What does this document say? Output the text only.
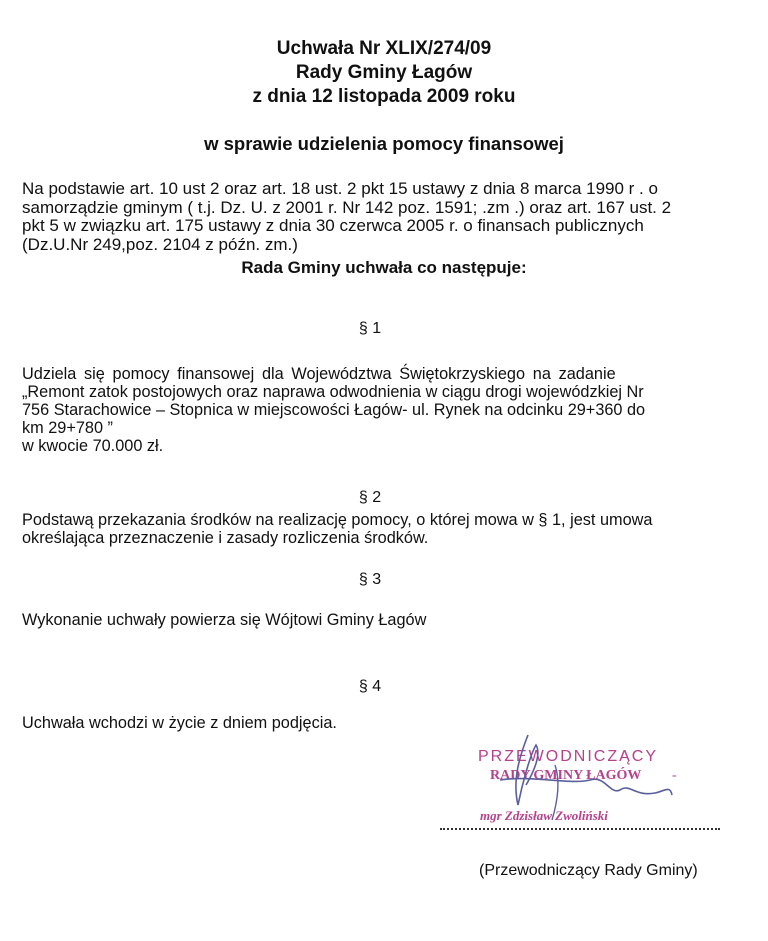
Uchwała Nr XLIX/274/09
Rady Gminy Łagów
z dnia 12 listopada 2009 roku
w sprawie udzielenia pomocy finansowej
Na podstawie art. 10 ust 2 oraz art. 18 ust. 2 pkt 15 ustawy z dnia 8 marca 1990 r . o
samorządzie gminym ( t.j. Dz. U. z 2001 r. Nr 142 poz. 1591; .zm .) oraz art. 167 ust. 2
pkt 5 w związku art. 175 ustawy z dnia 30 czerwca 2005 r. o finansach publicznych
(Dz.U.Nr 249,poz. 2104 z późn. zm.)
Rada Gminy uchwała co następuje:
§ 1
Udziela się pomocy finansowej dla Województwa Świętokrzyskiego na zadanie
„Remont zatok postojowych oraz naprawa odwodnienia w ciągu drogi wojewódzkiej Nr
756 Starachowice – Stopnica w miejscowości Łagów- ul. Rynek na odcinku 29+360 do
km 29+780 ”
w kwocie 70.000 zł.
§ 2
Podstawą przekazania środków na realizację pomocy, o której mowa w § 1, jest umowa
określająca przeznaczenie i zasady rozliczenia środków.
§ 3
Wykonanie uchwały powierza się Wójtowi Gminy Łagów
§ 4
Uchwała wchodzi w życie z dniem podjęcia.
PRZEWODNICZĄCY
RADY GMINY ŁAGÓW -
mgr Zdzisław Zwoliński
(Przewodniczący Rady Gminy)
